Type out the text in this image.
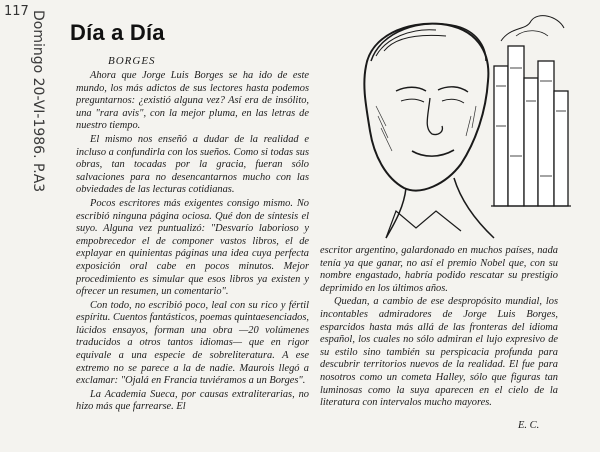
117 Domingo 20-VI-1986. P.A3 Día a Día
BORGES

Ahora que Jorge Luis Borges se ha ido de este mundo, los más adictos de sus lectores hasta podemos preguntarnos: ¿existió alguna vez? Así era de insólito, una "rara avis", con la mejor pluma, en las letras de nuestro tiempo.

El mismo nos enseñó a dudar de la realidad e incluso a confundirla con los sueños. Como si todas sus obras, tan tocadas por la gracia, fueran sólo salvaciones para no desencantarnos mucho con las obviedades de las lecturas cotidianas.

Pocos escritores más exigentes consigo mismo. No escribió ninguna página ociosa. Qué don de síntesis el suyo. Alguna vez puntualizó: "Desvarío laborioso y empobrecedor el de componer vastos libros, el de explayar en quinientas páginas una idea cuya perfecta exposición oral cabe en pocos minutos. Mejor procedimiento es simular que esos libros ya existen y ofrecer un resumen, un comentario".

Con todo, no escribió poco, leal con su rico y fértil espíritu. Cuentos fantásticos, poemas quintaesenciados, lúcidos ensayos, forman una obra —20 volúmenes traducidos a otros tantos idiomas— que en rigor equivale a una especie de sobreliteratura. A ese extremo no se parece a la de nadie. Maurois llegó a exclamar: "Ojalá en Francia tuviéramos a un Borges".

La Academia Sueca, por causas extraliterarias, no hizo más que farrearse. El

escritor argentino, galardonado en muchos países, nada tenía ya que ganar, no así el premio Nobel que, con su nombre engastado, habría podido rescatar su prestigio deprimido en los últimos años.

Quedan, a cambio de ese despropósito mundial, los incontables admiradores de Jorge Luis Borges, esparcidos hasta más allá de las fronteras del idioma español, los cuales no sólo admiran el lujo expresivo de su estilo sino también su perspicacia profunda para descubrir territorios nuevos de la realidad. El fue para nosotros como un cometa Halley, sólo que figuras tan luminosas como la suya aparecen en el cielo de la literatura con intervalos mucho mayores.

E. C.
